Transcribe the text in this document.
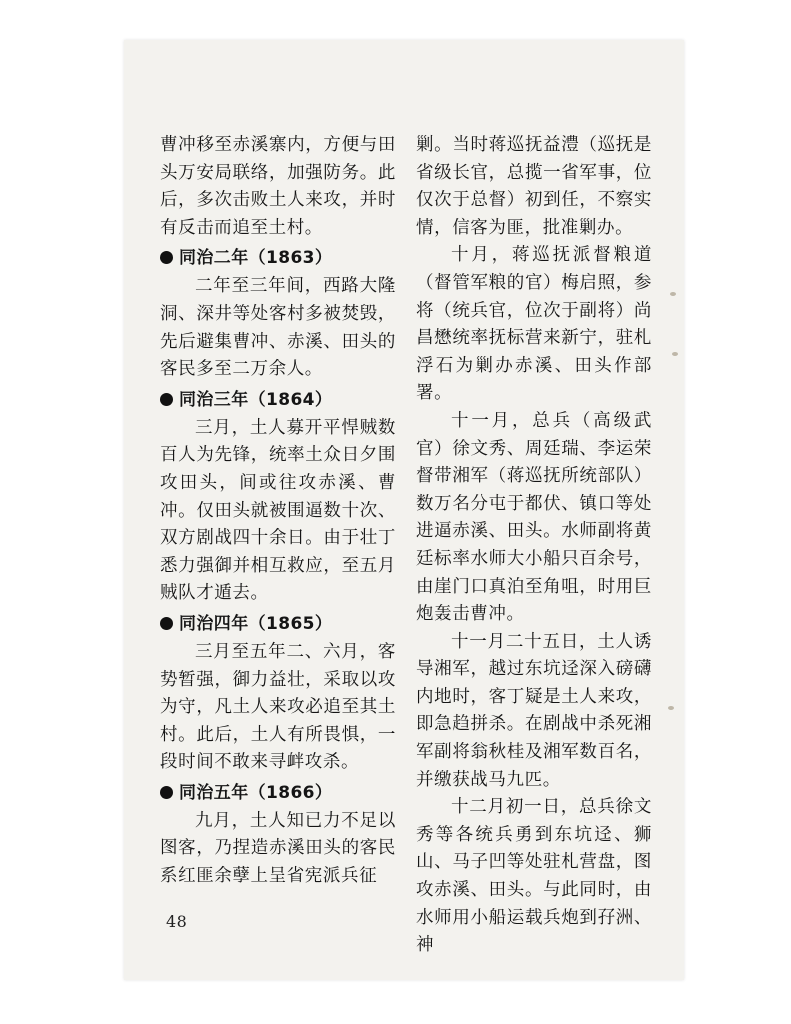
曹冲移至赤溪寨内，方便与田头万安局联络，加强防务。此后，多次击败土人来攻，并时有反击而追至土村。

同治二年（1863）

二年至三年间，西路大隆洞、深井等处客村多被焚毁，先后避集曹冲、赤溪、田头的客民多至二万余人。

同治三年（1864）

三月，土人募开平悍贼数百人为先锋，统率土众日夕围攻田头，间或往攻赤溪、曹冲。仅田头就被围逼数十次、双方剧战四十余日。由于壮丁悉力强御并相互救应，至五月贼队才遁去。

同治四年（1865）

三月至五年二、六月，客势暂强，御力益壮，采取以攻为守，凡土人来攻必追至其土村。此后，土人有所畏惧，一段时间不敢来寻衅攻杀。

同治五年（1866）

九月，土人知已力不足以图客，乃捏造赤溪田头的客民系红匪余孽上呈省宪派兵征

剿。当时蒋巡抚益澧（巡抚是省级长官，总揽一省军事，位仅次于总督）初到任，不察实情，信客为匪，批准剿办。

十月，蒋巡抚派督粮道（督管军粮的官）梅启照，参将（统兵官，位次于副将）尚昌懋统率抚标营来新宁，驻札浮石为剿办赤溪、田头作部署。

十一月，总兵（高级武官）徐文秀、周廷瑞、李运荣督带湘军（蒋巡抚所统部队）数万名分屯于都伏、镇口等处进逼赤溪、田头。水师副将黄廷标率水师大小船只百余号，由崖门口真泊至角咀，时用巨炮轰击曹冲。

十一月二十五日，土人诱导湘军，越过东坑迳深入磅礴内地时，客丁疑是土人来攻，即急趋拼杀。在剧战中杀死湘军副将翁秋桂及湘军数百名，并缴获战马九匹。

十二月初一日，总兵徐文秀等各统兵勇到东坑迳、狮山、马子凹等处驻札营盘，图攻赤溪、田头。与此同时，由水师用小船运载兵炮到孖洲、神

48
